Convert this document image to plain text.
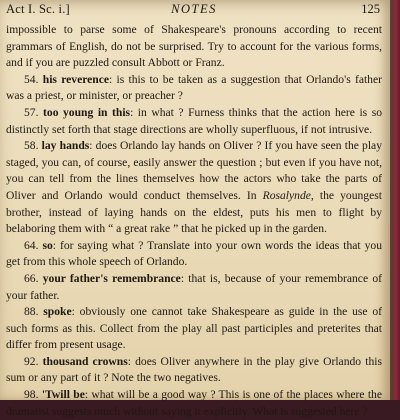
Act I. Sc. i.]	NOTES	125

impossible to parse some of Shakespeare's pronouns according to recent grammars of English, do not be surprised. Try to account for the various forms, and if you are puzzled consult Abbott or Franz.

54. his reverence: is this to be taken as a suggestion that Orlando's father was a priest, or minister, or preacher ?

57. too young in this: in what ? Furness thinks that the action here is so distinctly set forth that stage directions are wholly superfluous, if not intrusive.

58. lay hands: does Orlando lay hands on Oliver ? If you have seen the play staged, you can, of course, easily answer the question ; but even if you have not, you can tell from the lines themselves how the actors who take the parts of Oliver and Orlando would conduct themselves. In Rosalynde, the youngest brother, instead of laying hands on the eldest, puts his men to flight by belaboring them with “ a great rake ” that he picked up in the garden.

64. so: for saying what ? Translate into your own words the ideas that you get from this whole speech of Orlando.

66. your father's remembrance: that is, because of your remembrance of your father.

88. spoke: obviously one cannot take Shakespeare as guide in the use of such forms as this. Collect from the play all past participles and preterites that differ from present usage.

92. thousand crowns: does Oliver anywhere in the play give Orlando this sum or any part of it ? Note the two negatives.

98. 'Twill be: what will be a good way ? This is one of the places where the dramatist suggests much without saying it explicitly. What is suggested here ?
